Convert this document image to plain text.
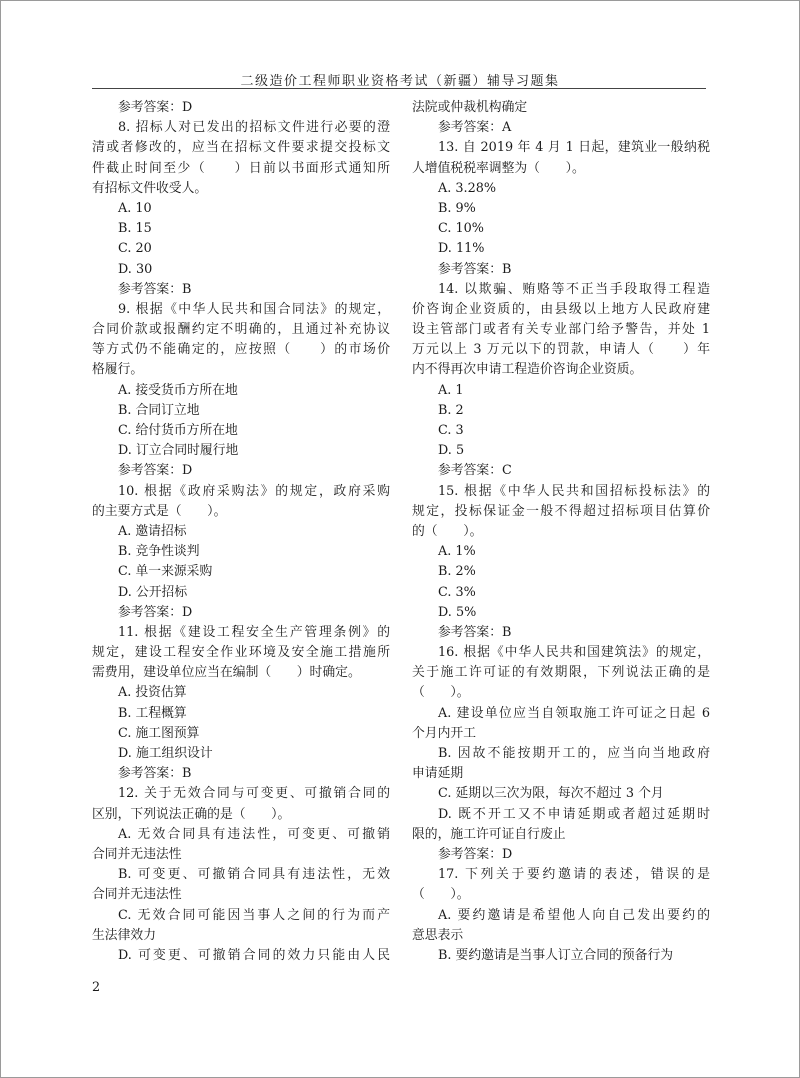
二级造价工程师职业资格考试（新疆）辅导习题集
参考答案：D
8. 招标人对已发出的招标文件进行必要的澄
清或者修改的，应当在招标文件要求提交投标文
件截止时间至少（　　）日前以书面形式通知所
有招标文件收受人。
A. 10
B. 15
C. 20
D. 30
参考答案：B
9. 根据《中华人民共和国合同法》的规定，
合同价款或报酬约定不明确的，且通过补充协议
等方式仍不能确定的，应按照（　　）的市场价
格履行。
A. 接受货币方所在地
B. 合同订立地
C. 给付货币方所在地
D. 订立合同时履行地
参考答案：D
10. 根据《政府采购法》的规定，政府采购
的主要方式是（　　）。
A. 邀请招标
B. 竞争性谈判
C. 单一来源采购
D. 公开招标
参考答案：D
11. 根据《建设工程安全生产管理条例》的
规定，建设工程安全作业环境及安全施工措施所
需费用，建设单位应当在编制（　　）时确定。
A. 投资估算
B. 工程概算
C. 施工图预算
D. 施工组织设计
参考答案：B
12. 关于无效合同与可变更、可撤销合同的
区别，下列说法正确的是（　　）。
A. 无效合同具有违法性，可变更、可撤销
合同并无违法性
B. 可变更、可撤销合同具有违法性，无效
合同并无违法性
C. 无效合同可能因当事人之间的行为而产
生法律效力
D. 可变更、可撤销合同的效力只能由人民
法院或仲裁机构确定
参考答案：A
13. 自 2019 年 4 月 1 日起，建筑业一般纳税
人增值税税率调整为（　　）。
A. 3.28%
B. 9%
C. 10%
D. 11%
参考答案：B
14. 以欺骗、贿赂等不正当手段取得工程造
价咨询企业资质的，由县级以上地方人民政府建
设主管部门或者有关专业部门给予警告，并处 1
万元以上 3 万元以下的罚款，申请人（　　）年
内不得再次申请工程造价咨询企业资质。
A. 1
B. 2
C. 3
D. 5
参考答案：C
15. 根据《中华人民共和国招标投标法》的
规定，投标保证金一般不得超过招标项目估算价
的（　　）。
A. 1%
B. 2%
C. 3%
D. 5%
参考答案：B
16. 根据《中华人民共和国建筑法》的规定，
关于施工许可证的有效期限，下列说法正确的是
（　　）。
A. 建设单位应当自领取施工许可证之日起 6
个月内开工
B. 因故不能按期开工的，应当向当地政府
申请延期
C. 延期以三次为限，每次不超过 3 个月
D. 既不开工又不申请延期或者超过延期时
限的，施工许可证自行废止
参考答案：D
17. 下列关于要约邀请的表述，错误的是
（　　）。
A. 要约邀请是希望他人向自己发出要约的
意思表示
B. 要约邀请是当事人订立合同的预备行为
2
